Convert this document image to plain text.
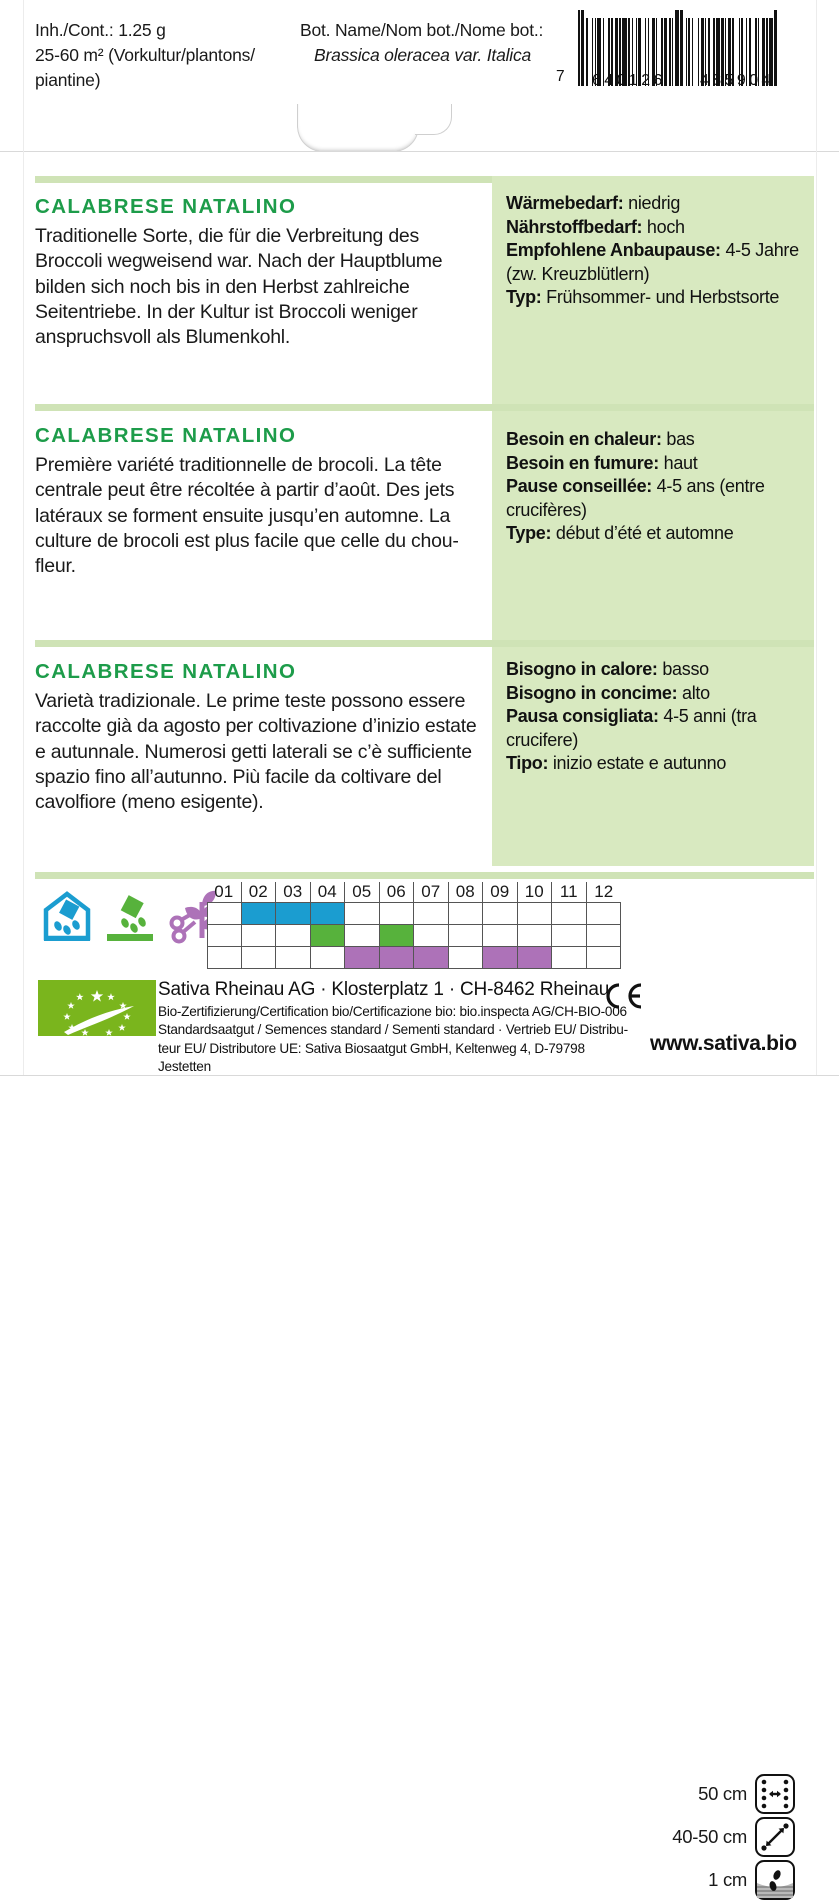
Inh./Cont.: 1.25 g
25-60 m² (Vorkultur/plantons/
piantine)
Bot. Name/Nom bot./Nome bot.:
Brassica oleracea var. Italica
7 640126 485904
CALABRESE NATALINO
Traditionelle Sorte, die für die Verbreitung des Broccoli wegweisend war. Nach der Hauptblume bilden sich noch bis in den Herbst zahlreiche Seitentriebe. In der Kultur ist Broccoli weniger anspruchsvoll als Blumenkohl.

Wärmebedarf: niedrig

Nährstoffbedarf: hoch

Empfohlene Anbaupause: 4-5 Jahre (zw. Kreuzblütlern)

Typ: Frühsommer- und Herbstsorte

CALABRESE NATALINO
Première variété traditionnelle de brocoli. La tête centrale peut être récoltée à partir d’août. Des jets latéraux se forment ensuite jusqu’en automne. La culture de brocoli est plus facile que celle du chou-fleur.

Besoin en chaleur: bas

Besoin en fumure: haut

Pause conseillée: 4-5 ans (entre crucifères)

Type: début d’été et automne

CALABRESE NATALINO
Varietà tradizionale. Le prime teste possono essere raccolte già da agosto per coltivazione d’inizio estate e autunnale. Numerosi getti laterali se c’è sufficiente spazio fino all’autunno. Più facile da coltivare del cavolfiore (meno esigente).

Bisogno in calore: basso

Bisogno in concime: alto

Pausa consigliata: 4-5 anni (tra crucifere)

Tipo: inizio estate e autunno

01 02 03 04 05 06 07 08 09 10 11 12
50 cm
40-50 cm
1 cm
Sativa Rheinau AG · Klosterplatz 1 · CH-8462 Rheinau
Bio-Zertifizierung/Certification bio/Certificazione bio: bio.inspecta AG/CH-BIO-006
Standardsaatgut / Semences standard / Sementi standard · Vertrieb EU/ Distribu-
teur EU/ Distributore UE: Sativa Biosaatgut GmbH, Keltenweg 4, D-79798 Jestetten
www.sativa.bio
